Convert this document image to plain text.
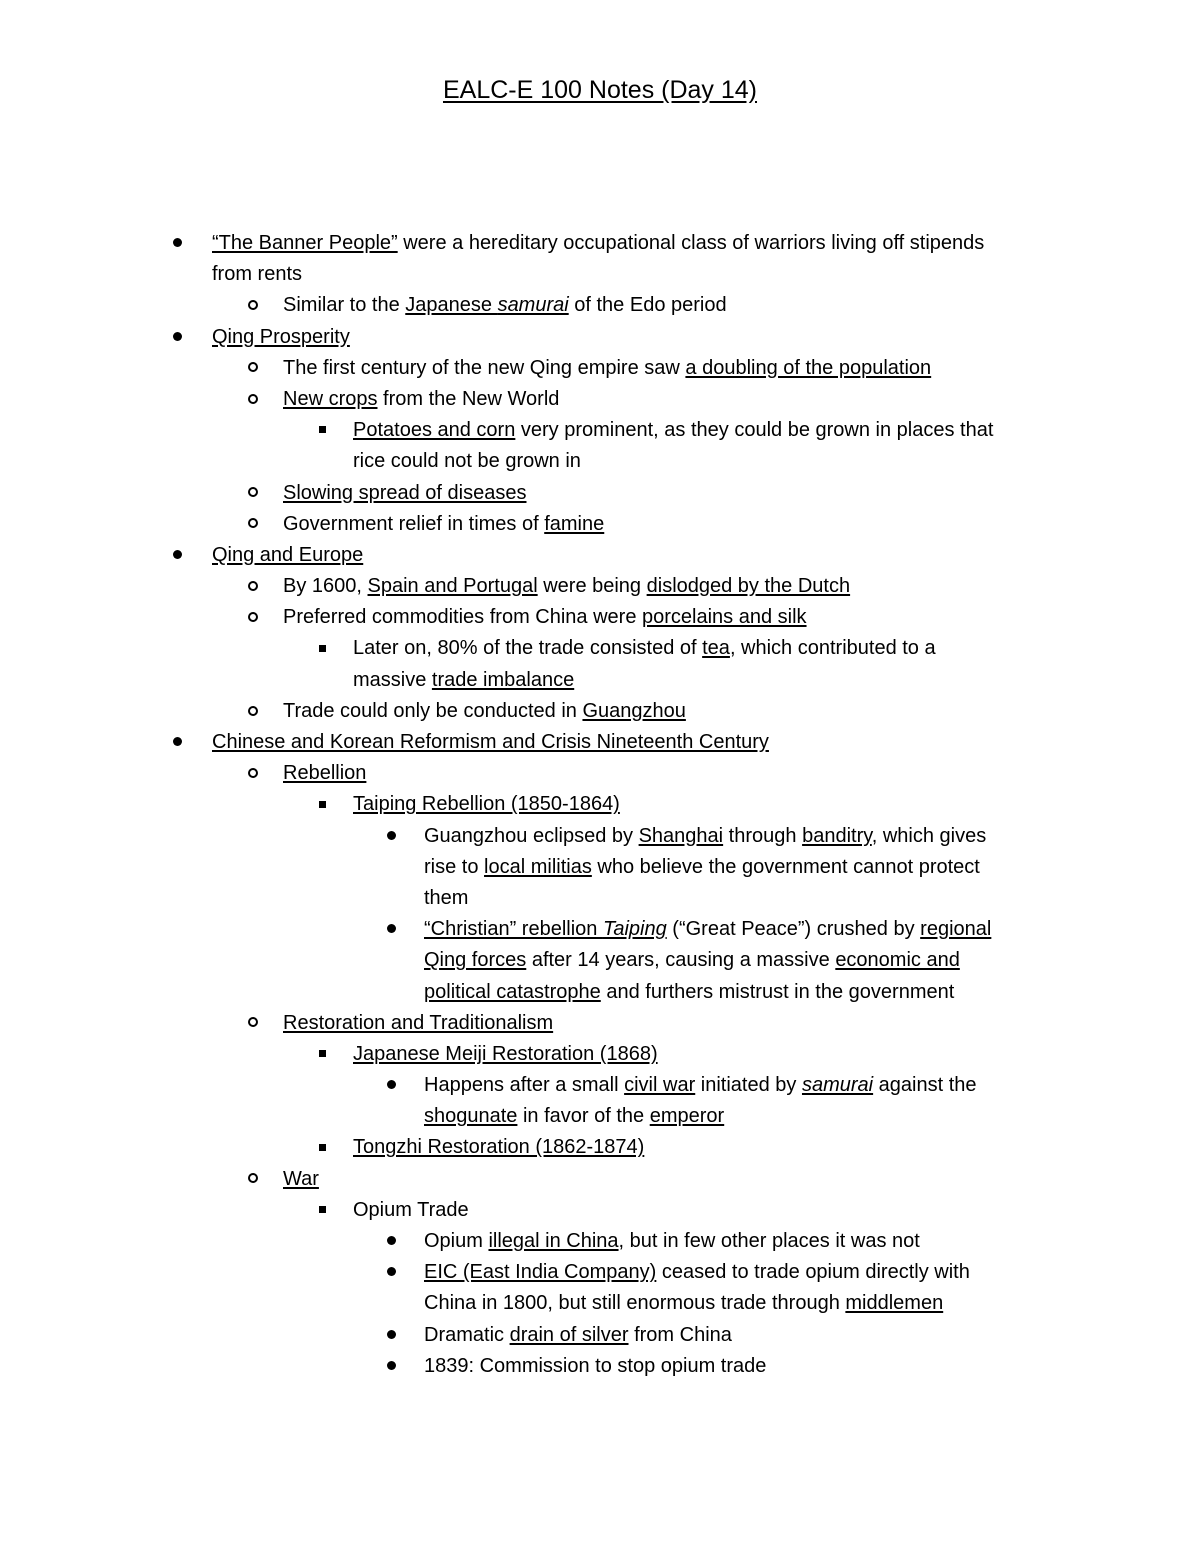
EALC-E 100 Notes (Day 14)
“The Banner People” were a hereditary occupational class of warriors living off stipends
from rents
Similar to the Japanese samurai of the Edo period
Qing Prosperity
The first century of the new Qing empire saw a doubling of the population
New crops from the New World
Potatoes and corn very prominent, as they could be grown in places that
rice could not be grown in
Slowing spread of diseases
Government relief in times of famine
Qing and Europe
By 1600, Spain and Portugal were being dislodged by the Dutch
Preferred commodities from China were porcelains and silk
Later on, 80% of the trade consisted of tea, which contributed to a
massive trade imbalance
Trade could only be conducted in Guangzhou
Chinese and Korean Reformism and Crisis Nineteenth Century
Rebellion
Taiping Rebellion (1850-1864)
Guangzhou eclipsed by Shanghai through banditry, which gives
rise to local militias who believe the government cannot protect
them
“Christian” rebellion Taiping (“Great Peace”) crushed by regional
Qing forces after 14 years, causing a massive economic and
political catastrophe and furthers mistrust in the government
Restoration and Traditionalism
Japanese Meiji Restoration (1868)
Happens after a small civil war initiated by samurai against the
shogunate in favor of the emperor
Tongzhi Restoration (1862-1874)
War
Opium Trade
Opium illegal in China, but in few other places it was not
EIC (East India Company) ceased to trade opium directly with
China in 1800, but still enormous trade through middlemen
Dramatic drain of silver from China
1839: Commission to stop opium trade
